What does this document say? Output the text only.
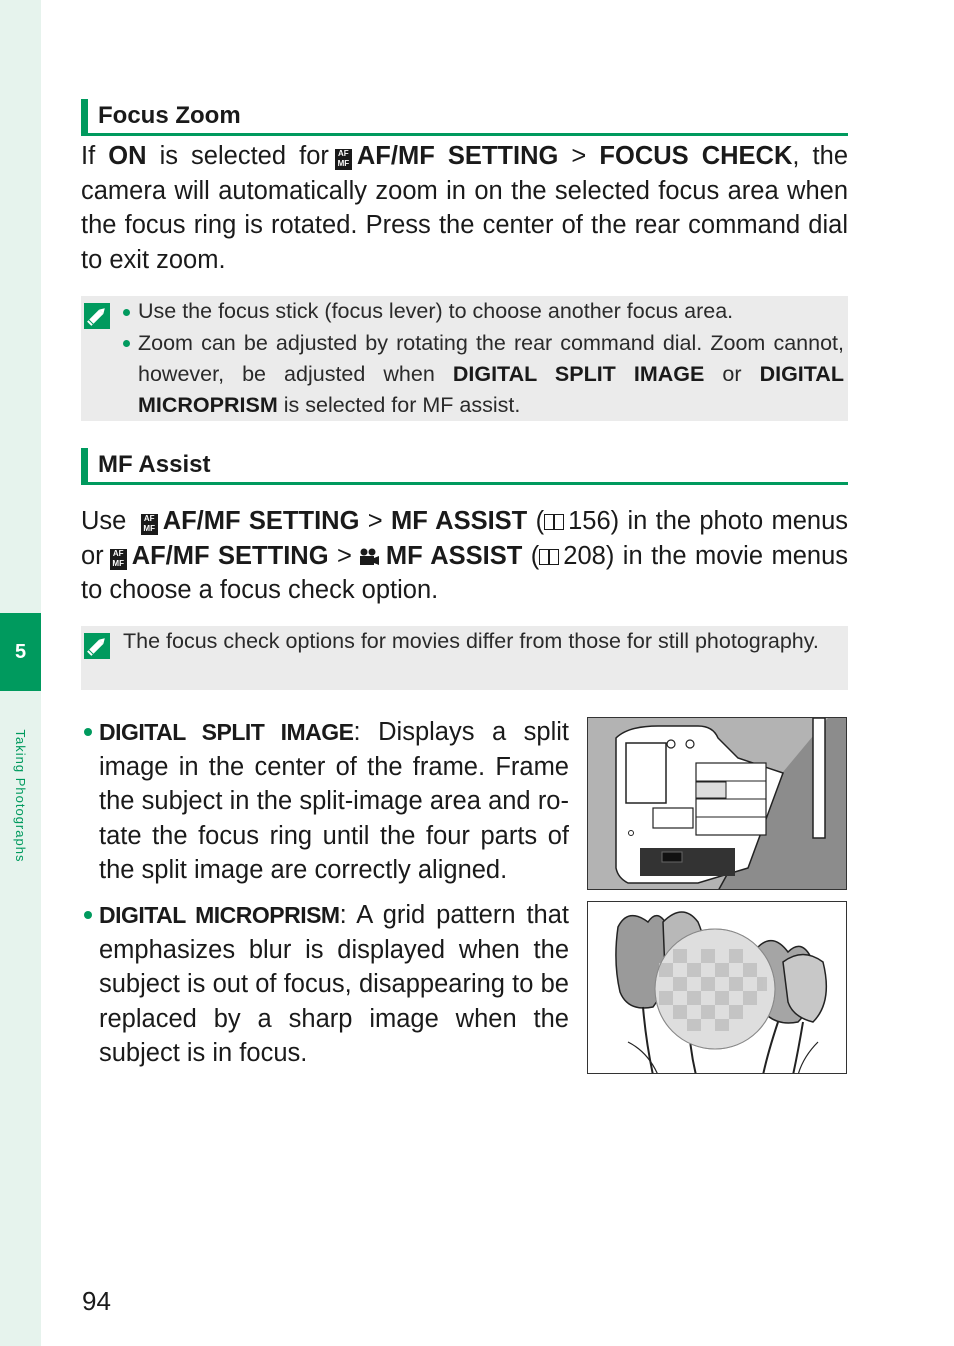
5
Taking Photographs
Focus Zoom
If ON is selected for AF
MF AF/MF SETTING > FOCUS CHECK, the camera will automatically zoom in on the selected focus area when the focus ring is rotated. Press the center of the rear command dial to exit zoom.
Use the focus stick (focus lever) to choose another focus area.
Zoom can be adjusted by rotating the rear command dial. Zoom cannot, however, be adjusted when DIGITAL SPLIT IMAGE or DIGITAL MICROPRISM is selected for MF assist.
MF Assist
Use AF
MF AF/MF SETTING > MF ASSIST ( 156) in the photo menus or AF
MF AF/MF SETTING > MF ASSIST ( 208) in the movie menus to choose a focus check option.

The focus check options for movies differ from those for still photography.

DIGITAL SPLIT IMAGE: Displays a split image in the center of the frame. Frame the subject in the split-image area and rotate the focus ring until the four parts of the split image are correctly aligned.
DIGITAL MICROPRISM: A grid pattern that emphasizes blur is displayed when the subject is out of focus, disappearing to be replaced by a sharp image when the subject is in focus.
94
